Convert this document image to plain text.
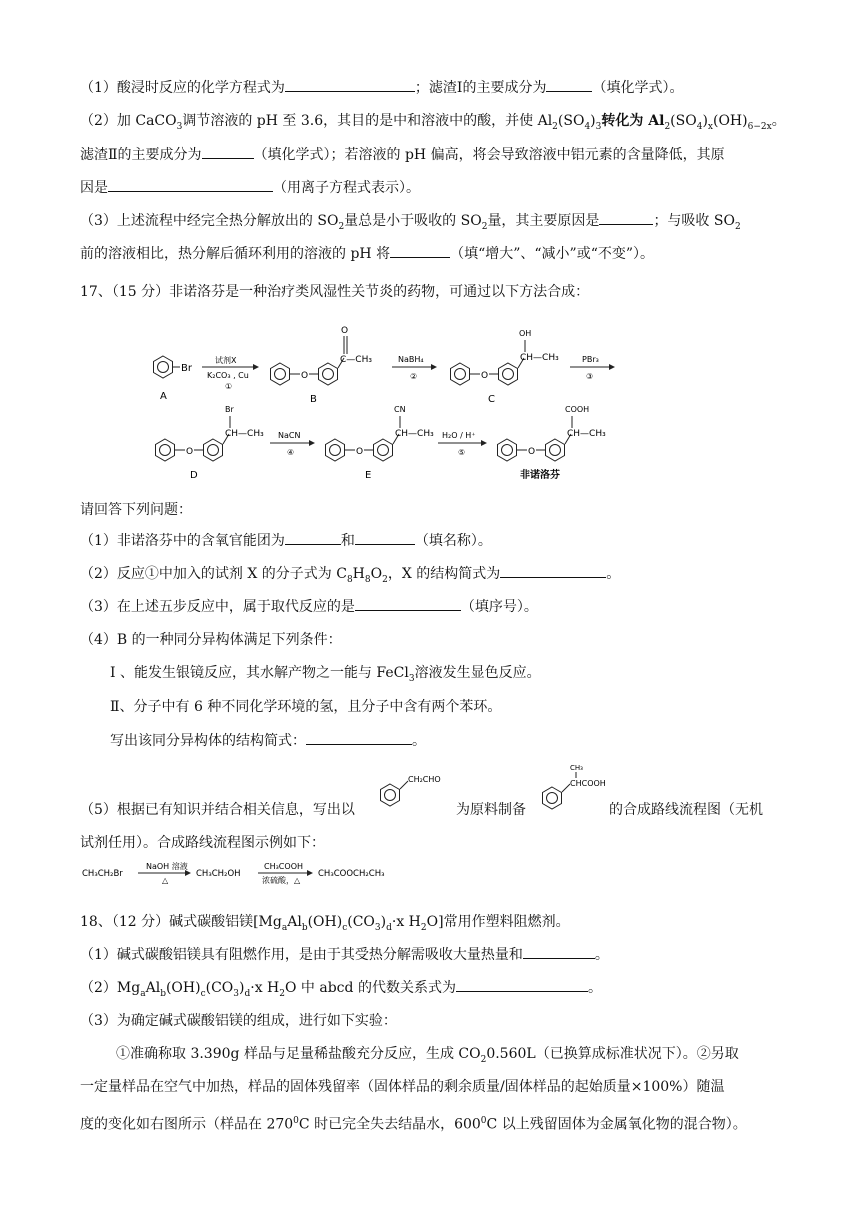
（1）酸浸时反应的化学方程式为	；滤渣Ⅰ的主要成分为	（填化学式）。
（2）加 CaCO$_3$调节溶液的 pH 至 3.6，其目的是中和溶液中的酸，并使 $Al_2(SO_4)_3$转化为 $Al_2(SO_4)_x(OH)_{6-2x}$。
滤渣Ⅱ的主要成分为	（填化学式）；若溶液的 pH 偏高，将会导致溶液中铝元素的含量降低，其原
因是	（用离子方程式表示）。
（3）上述流程中经完全热分解放出的 $SO_2$量总是小于吸收的 $SO_2$量，其主要原因是	；与吸收 $SO_2$
前的溶液相比，热分解后循环利用的溶液的 pH 将	（填“增大”、“减小”或“不变”）。
17、（15 分）非诺洛芬是一种治疗类风湿性关节炎的药物，可通过以下方法合成：
Br
A
试剂X
K₂CO₃ , Cu
①
O
O
C—CH₃
B
NaBH₄
②	O
OH
CH—CH₃
C
PBr₃
③
O
Br
CH—CH₃
D
NaCN
④	O
CN
CH—CH₃
E
H₂O / H⁺
⑤	O
COOH
CH—CH₃
非诺洛芬
请回答下列问题：
（1）非诺洛芬中的含氧官能团为	和	（填名称）。
（2）反应①中加入的试剂 X 的分子式为 $C_8H_8O_2$，X 的结构简式为	。
（3）在上述五步反应中，属于取代反应的是	（填序号）。
（4）B 的一种同分异构体满足下列条件：
Ⅰ 、能发生银镜反应，其水解产物之一能与 FeCl$_3$溶液发生显色反应。
Ⅱ、分子中有 6 种不同化学环境的氢，且分子中含有两个苯环。
写出该同分异构体的结构简式：	。
（5）根据已有知识并结合相关信息，写出以
CH₂CHO
为原料制备
CH₃
CHCOOH
的合成路线流程图（无机
试剂任用）。合成路线流程图示例如下：
CH₃CH₂Br
NaOH 溶液
△
CH₃CH₂OH
CH₃COOH
浓硫酸，△
CH₃COOCH₂CH₃
18、（12 分）碱式碳酸铝镁[$Mg_aAl_b(OH)_c(CO_3)_d\cdot x$ $H_2O$]常用作塑料阻燃剂。
（1）碱式碳酸铝镁具有阻燃作用，是由于其受热分解需吸收大量热量和	。
$(2)Mg_aAl_b(OH)_c(CO_3)_d\cdot x$ $H_2O$ 中 abcd 的代数关系式为	。
（3）为确定碱式碳酸铝镁的组成，进行如下实验：
①准确称取 3.390g 样品与足量稀盐酸充分反应，生成 $CO_20.560L$（已换算成标准状况下）。②另取
一定量样品在空气中加热，样品的固体残留率（固体样品的剩余质量/固体样品的起始质量×100%）随温
度的变化如右图所示（样品在 $270^0C$ 时已完全失去结晶水，$600^0C$ 以上残留固体为金属氧化物的混合物）。
